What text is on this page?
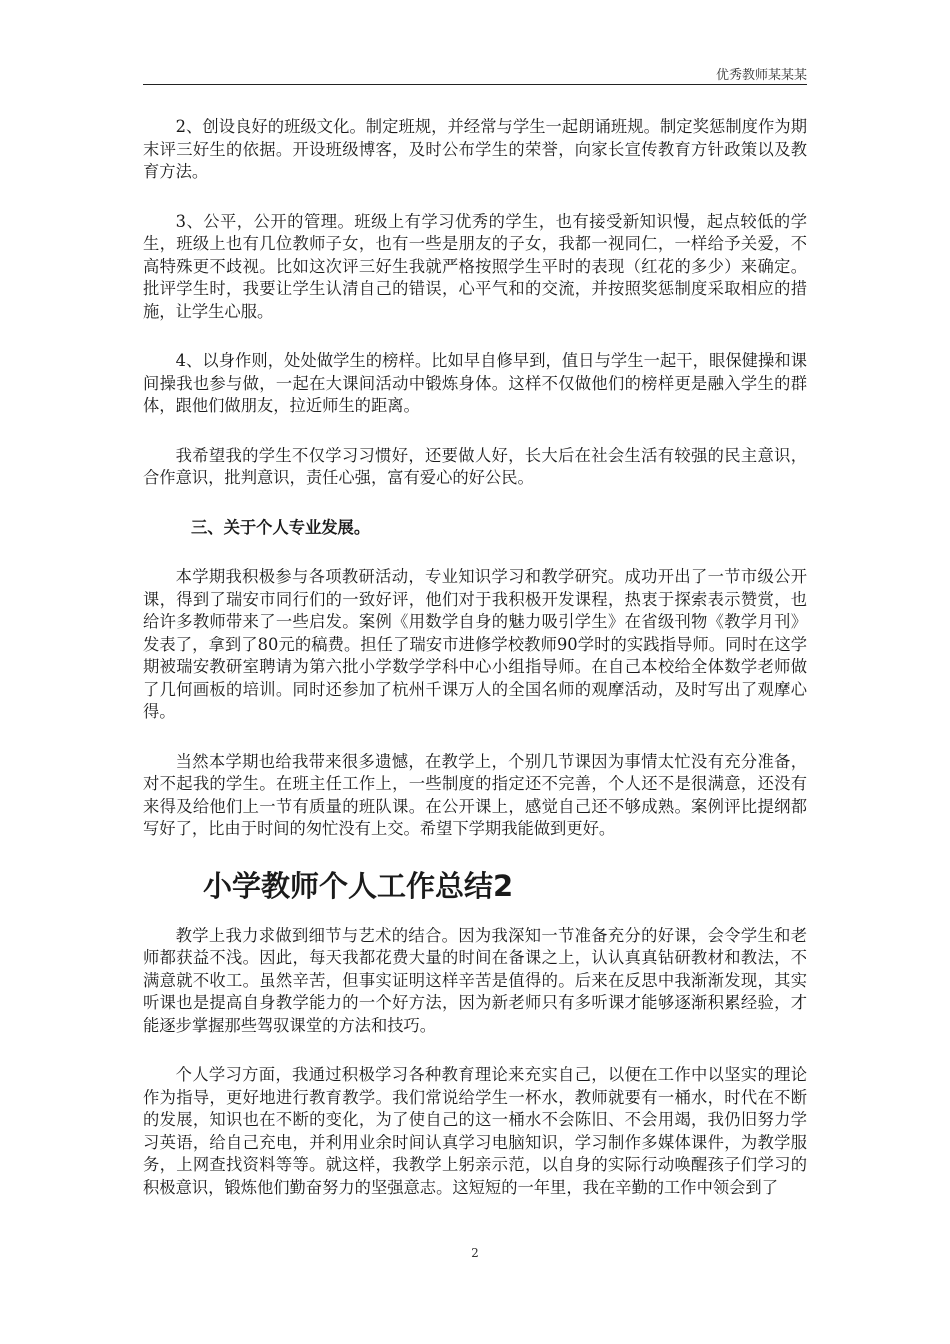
优秀教师某某某

2、创设良好的班级文化。制定班规，并经常与学生一起朗诵班规。制定奖惩制度作为期末评三好生的依据。开设班级博客，及时公布学生的荣誉，向家长宣传教育方针政策以及教育方法。

3、公平，公开的管理。班级上有学习优秀的学生，也有接受新知识慢，起点较低的学生，班级上也有几位教师子女，也有一些是朋友的子女，我都一视同仁，一样给予关爱，不高特殊更不歧视。比如这次评三好生我就严格按照学生平时的表现（红花的多少）来确定。批评学生时，我要让学生认清自己的错误，心平气和的交流，并按照奖惩制度采取相应的措施，让学生心服。

4、以身作则，处处做学生的榜样。比如早自修早到，值日与学生一起干，眼保健操和课间操我也参与做，一起在大课间活动中锻炼身体。这样不仅做他们的榜样更是融入学生的群体，跟他们做朋友，拉近师生的距离。

我希望我的学生不仅学习习惯好，还要做人好，长大后在社会生活有较强的民主意识，合作意识，批判意识，责任心强，富有爱心的好公民。

三、关于个人专业发展。

本学期我积极参与各项教研活动，专业知识学习和教学研究。成功开出了一节市级公开课，得到了瑞安市同行们的一致好评，他们对于我积极开发课程，热衷于探索表示赞赏，也给许多教师带来了一些启发。案例《用数学自身的魅力吸引学生》在省级刊物《教学月刊》发表了，拿到了80元的稿费。担任了瑞安市进修学校教师90学时的实践指导师。同时在这学期被瑞安教研室聘请为第六批小学数学学科中心小组指导师。在自己本校给全体数学老师做了几何画板的培训。同时还参加了杭州千课万人的全国名师的观摩活动，及时写出了观摩心得。

当然本学期也给我带来很多遗憾，在教学上，个别几节课因为事情太忙没有充分准备，对不起我的学生。在班主任工作上，一些制度的指定还不完善，个人还不是很满意，还没有来得及给他们上一节有质量的班队课。在公开课上，感觉自己还不够成熟。案例评比提纲都写好了，比由于时间的匆忙没有上交。希望下学期我能做到更好。

小学教师个人工作总结2

教学上我力求做到细节与艺术的结合。因为我深知一节准备充分的好课，会令学生和老师都获益不浅。因此，每天我都花费大量的时间在备课之上，认认真真钻研教材和教法，不满意就不收工。虽然辛苦，但事实证明这样辛苦是值得的。后来在反思中我渐渐发现，其实听课也是提高自身教学能力的一个好方法，因为新老师只有多听课才能够逐渐积累经验，才能逐步掌握那些驾驭课堂的方法和技巧。

个人学习方面，我通过积极学习各种教育理论来充实自己，以便在工作中以坚实的理论作为指导，更好地进行教育教学。我们常说给学生一杯水，教师就要有一桶水，时代在不断的发展，知识也在不断的变化，为了使自己的这一桶水不会陈旧、不会用竭，我仍旧努力学习英语，给自己充电，并利用业余时间认真学习电脑知识，学习制作多媒体课件，为教学服务，上网查找资料等等。就这样，我教学上躬亲示范，以自身的实际行动唤醒孩子们学习的积极意识，锻炼他们勤奋努力的坚强意志。这短短的一年里，我在辛勤的工作中领会到了

2
